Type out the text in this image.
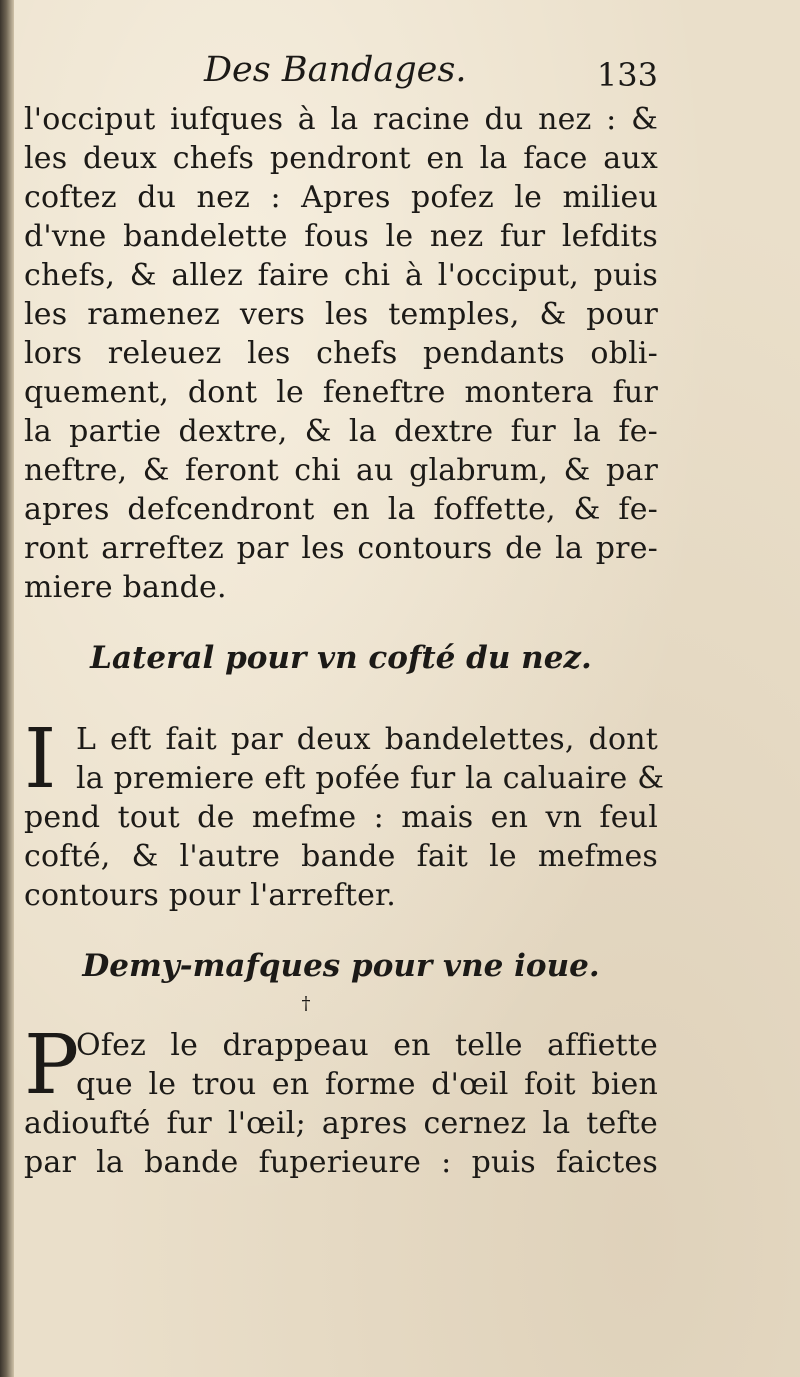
Des Bandages.	133
l'occiput iufques à la racine du nez : &
les deux chefs pendront en la face aux
coftez du nez : Apres pofez le milieu
d'vne bandelette fous le nez fur lefdits
chefs, & allez faire chi à l'occiput, puis
les ramenez vers les temples, & pour
lors releuez les chefs pendants obli-
quement, dont le feneftre montera fur
la partie dextre, & la dextre fur la fe-
neftre, & feront chi au glabrum, & par
apres defcendront en la foffette, & fe-
ront arreftez par les contours de la pre-
miere bande.
Lateral pour vn cofté du nez.
I L eft fait par deux bandelettes, dont
la premiere eft pofée fur la caluaire &
pend tout de mefme : mais en vn feul
cofté, & l'autre bande fait le mefmes
contours pour l'arrefter.
Demy-mafques pour vne ioue.
†
P
Ofez le drappeau en telle affiette
que le trou en forme d'œil foit bien
adioufté fur l'œil; apres cernez la tefte
par la bande fuperieure : puis faictes
